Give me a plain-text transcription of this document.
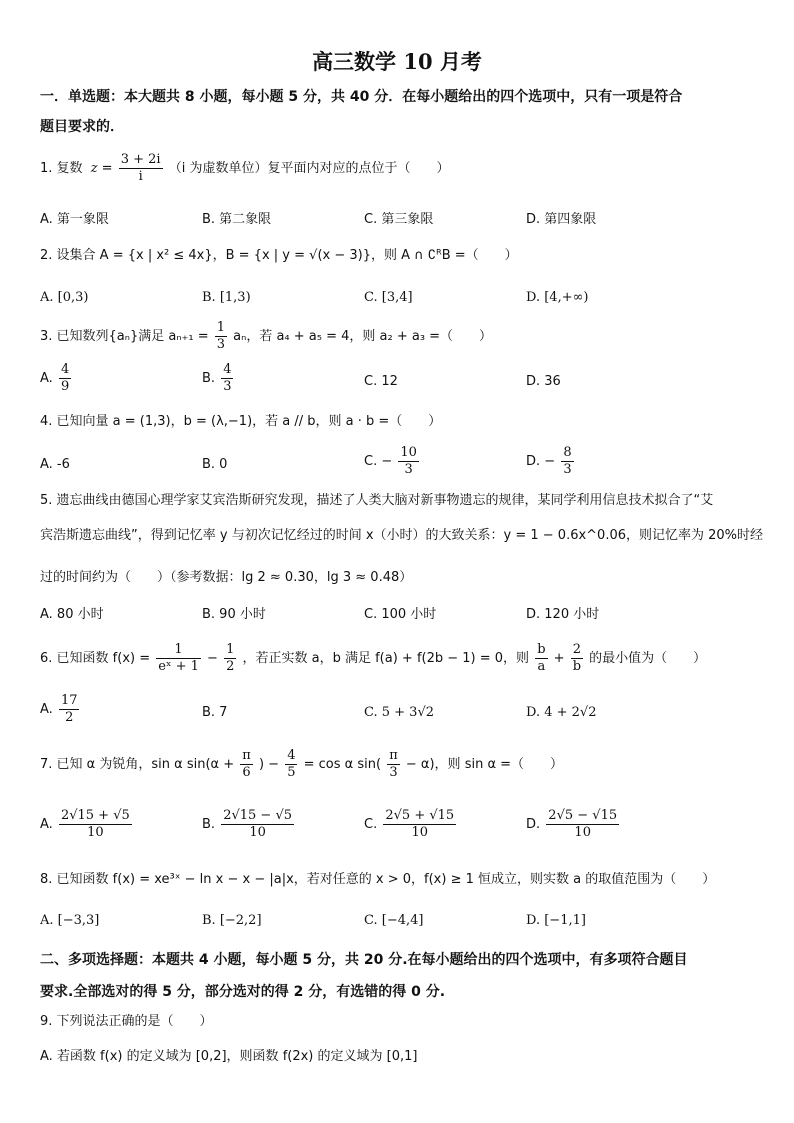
高三数学 10 月考
一．单选题：本大题共 8 小题，每小题 5 分，共 40 分．在每小题给出的四个选项中，只有一项是符合
题目要求的．
1. 复数 $z = \frac{3 + 2i}{i} (i$ 为虚数单位）复平面内对应的点位于（　　）
A. 第一象限	B. 第二象限	C. 第三象限	D. 第四象限
2. 设集合 A = {x | x² ≤ 4x}，B = {x | y = √(x − 3)}，则 A ∩ ∁ᴿB =（　　）
A. [0,3)	B. [1,3)	C. [3,4]	D. [4,+∞)
3. 已知数列{aₙ}满足 $a_{n+1} = \frac{1}{3}$ aₙ，若 a₄ + a₅ = 4，则 a₂ + a₃ =（　　）
A. $\frac{4}{9}$	B. $\frac{4}{3}$	C. 12	D. 36
4. 已知向量 a = (1,3)，b = (λ,−1)，若 a // b，则 a · b =（　　）
A. -6	B. 0	C. − $\frac{10}{3}$	D. − $\frac{8}{3}$
5. 遗忘曲线由德国心理学家艾宾浩斯研究发现，描述了人类大脑对新事物遗忘的规律，某同学利用信息技术拟合了“艾
宾浩斯遗忘曲线”，得到记忆率 y 与初次记忆经过的时间 x（小时）的大致关系：y = 1 − 0.6x^0.06，则记忆率为 20%时经
过的时间约为（　　）（参考数据：lg 2 ≈ 0.30，lg 3 ≈ 0.48）
A. 80 小时	B. 90 小时	C. 100 小时	D. 120 小时
6. 已知函数 $f(x) = \frac{1}{\text{eˣ + 1}} - \frac{1}{2}$ ，若正实数 a，b 满足 f(a) + f(2b − 1) = 0，则 $\frac{b}{a} + \frac{2}{b}$ 的最小值为（　　）
A. $\frac{17}{2}$	B. 7	C. 5 + 3√2	D. 4 + 2√2
7. 已知 α 为锐角，sin α $\sin(\alpha + \frac{\pi}{6}$ ) − $\frac{4}{5} = \cos \alpha$ $\sin( \frac{\pi}{3} - \alpha)$，则 sin α =（　　）
A. $\frac{2√15 + √5}{10}$	B. $\frac{2√15 - √5}{10}$	C. $\frac{2√5 + √15}{10}$	D. $\frac{2√5 - √15}{10}$
8. 已知函数 f(x) = xe³ˣ − ln x − x − |a|x，若对任意的 x > 0，f(x) ≥ 1 恒成立，则实数 a 的取值范围为（　　）
A. [−3,3]	B. [−2,2]	C. [−4,4]	D. [−1,1]
二、多项选择题：本题共 4 小题，每小题 5 分，共 20 分.在每小题给出的四个选项中，有多项符合题目
要求.全部选对的得 5 分，部分选对的得 2 分，有选错的得 0 分.
9. 下列说法正确的是（　　）
A. 若函数 f(x) 的定义域为 [0,2]，则函数 f(2x) 的定义域为 [0,1]
